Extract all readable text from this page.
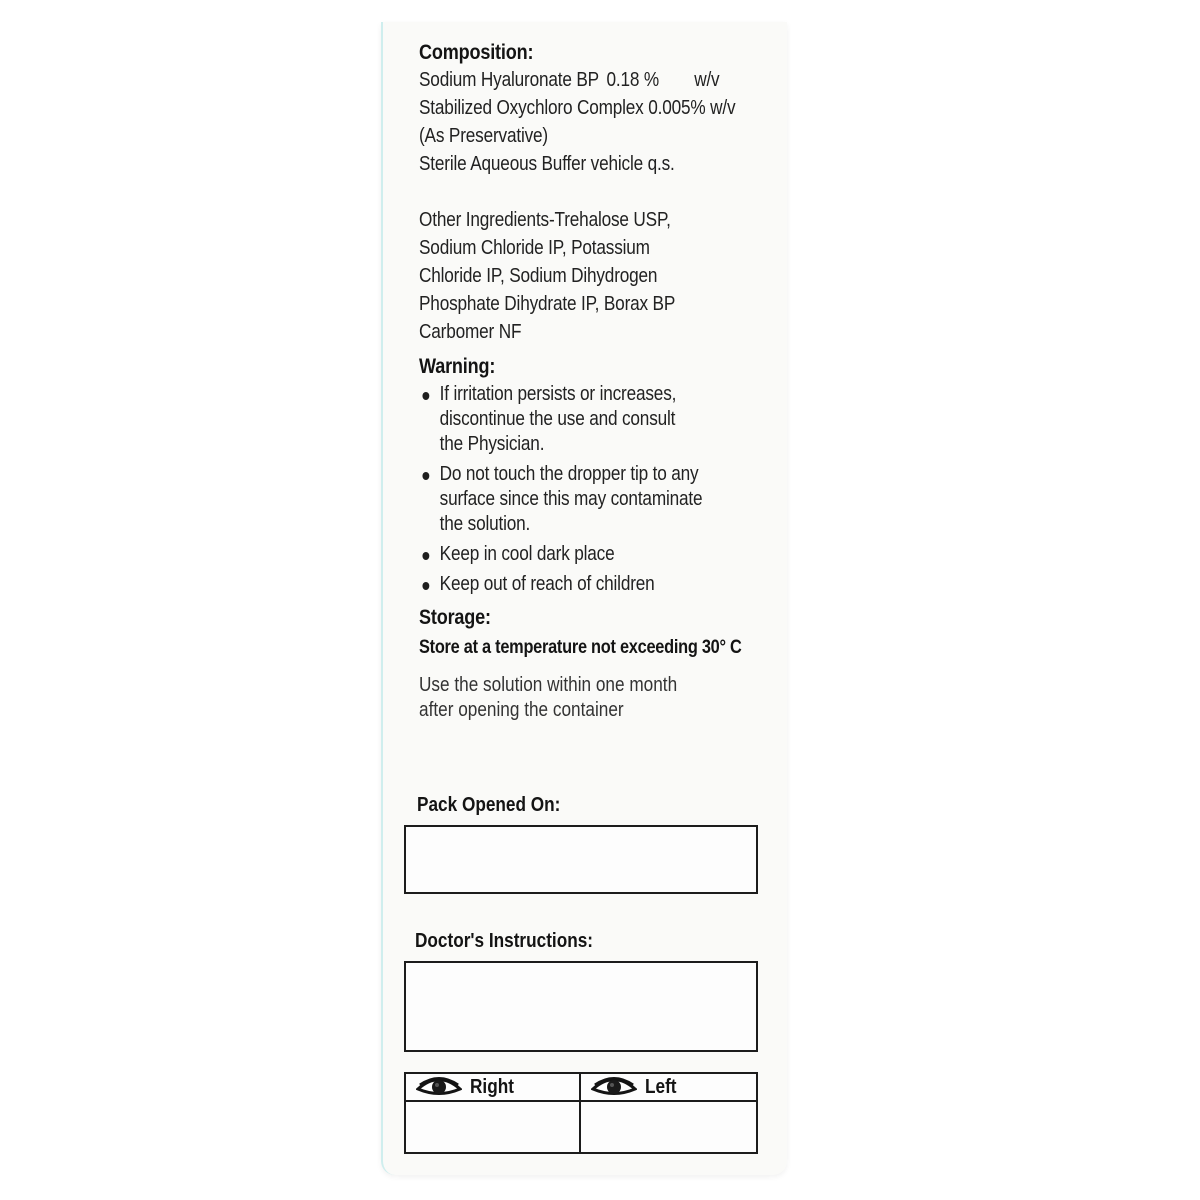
Composition:
Sodium Hyaluronate BP 0.18 %	w/v
Stabilized Oxychloro Complex 0.005% w/v
(As Preservative)
Sterile Aqueous Buffer vehicle q.s.
Other Ingredients-Trehalose USP,
Sodium Chloride IP, Potassium
Chloride IP, Sodium Dihydrogen
Phosphate Dihydrate IP, Borax BP
Carbomer NF
Warning:
If irritation persists or increases, discontinue the use and consult the Physician.
Do not touch the dropper tip to any surface since this may contaminate the solution.
Keep in cool dark place
Keep out of reach of children
Storage:
Store at a temperature not exceeding 30° C
Use the solution within one month
after opening the container
Pack Opened On:
Doctor's Instructions:
Right	Left
